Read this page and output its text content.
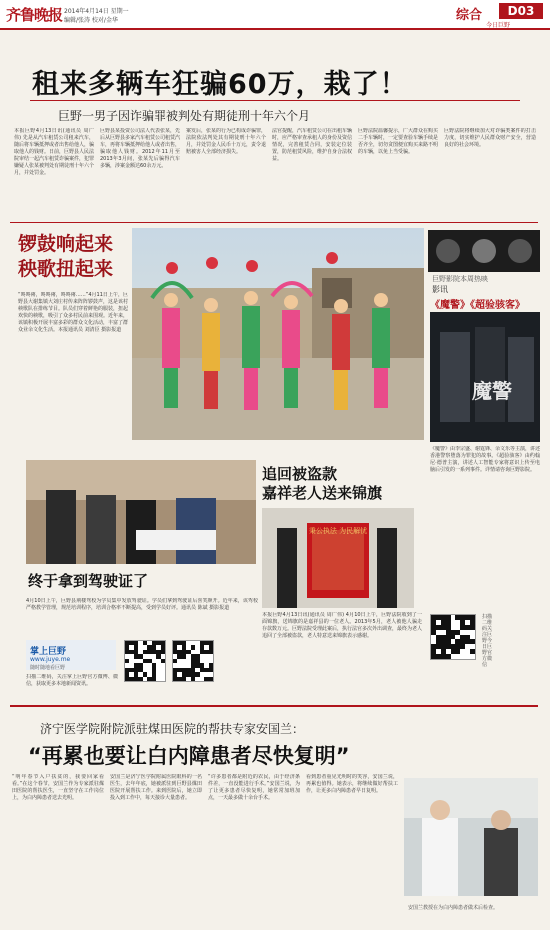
齐鲁晚报 2014年4月14日 星期一
编辑/张涛 校对/金华	综合	D03
今日巨野
租来多辆车狂骗60万，栽了！
巨野一男子因诈骗罪被判处有期徒刑十年六个月
本报巨野4月13日讯(通讯员 周广伟) 先是从汽车租赁公司租来汽车，随后将车辆抵押或者出售给他人，骗取他人的钱财。日前，巨野县人民法院审结一起汽车租赁诈骗案件，犯罪嫌疑人张某被判处有期徒刑十年六个月，并处罚金。
巨野县某投资公司法人代表张某，先后从巨野县多家汽车租赁公司租赁汽车，再将车辆抵押给他人或者出售，骗取他人钱财。2012年11月至2013年3月间，张某先后骗得汽车多辆，涉案金额达60余万元。
案发后，张某的行为已构成诈骗罪，法院依法判处其有期徒刑十年六个月，并处罚金人民币十万元，责令退赔被害人全部经济损失。
法官提醒，汽车租赁公司在出租车辆时，应严格审查承租人的身份及资信情况，完善租赁合同，安装定位装置，防范租赁风险，维护自身合法权益。
巨野法院温馨提示，广大群众在购买二手车辆时，一定要查验车辆手续是否齐全，切勿贪图便宜购买来路不明的车辆，以免上当受骗。
巨野法院将继续加大对诈骗类案件的打击力度，切实维护人民群众财产安全，营造良好的社会环境。
锣鼓响起来
秧歌扭起来
“咚咚锵，咚咚锵，咚咚锵……”4月11日上午，巨野县大谢集镇大刘庄村传来阵阵锣鼓声，这是该村秧歌队在排练节目。队员们穿着鲜艳的服装，扭起欢快的秧歌，吸引了众多村民前来围观。近年来，该镇积极开展丰富多彩的群众文化活动，丰富了群众业余文化生活。本报通讯员 刘清臣 摄影报道
巨野影院本周热映
影讯
《魔警》《超验骇客》
魔警
《魔警》由李宗盛、谢霆锋、余文乐等主演，讲述香港警察堕落为罪犯的故事。《超验骇客》由约翰尼·德普主演，讲述人工智能专家将意识上传至电脑后引发的一系列事件。详情请咨询巨野影院。
终于拿到驾驶证了
4月10日上午，巨野县荆楼驾校为学员集中发放驾驶证。学员们拿到驾驶证后喜笑颜开。近年来，该驾校严格教学管理，规范培训程序，培训合格率不断提高，受到学员好评。通讯员 陈斌 摄影报道
追回被盗款
嘉祥老人送来锦旗
秉公执法 为民解忧
本报巨野4月13日讯(通讯员 周广伟) 4月10日上午，巨野法院收到了一面锦旗，送锦旗的是嘉祥县的一位老人。2013年5月，老人被他人骗走存款数万元。巨野法院受理此案后，执行法官多次外出调查，最终为老人追回了全部被盗款，老人特意送来锦旗表示感谢。
掌上巨野
www.juye.me
随时随地看巨野
扫描二维码，关注掌上巨野官方微博、微信，获取更多本地新闻资讯。
扫描二维码关注巨野今日巨野官方微信
济宁医学院附院派驻煤田医院的帮扶专家安国兰：
“再累也要让白内障患者尽快复明”
“明年春节入户扶贫的，我要回家看看。”在这个春节，安国兰作为专家派驻煤田医院的帮扶医生，一直坚守在工作岗位上，为白内障患者送去光明。
安国兰是济宁医学院附属医院眼科的一名医生，去年年底，她被派驻到巨野县煤田医院开展帮扶工作。来到医院后，她立即投入到工作中，每天接诊大量患者。
“许多患者都是附近的农民，由于经济条件差，一直没能进行手术。”安国兰说，为了让更多患者尽快复明，她常常加班加点，一天最多做十余台手术。
看到患者重见光明时的笑容，安国兰说，再累也值得。她表示，将继续做好帮扶工作，让更多白内障患者早日复明。
安国兰教授在为白内障患者做术后检查。
